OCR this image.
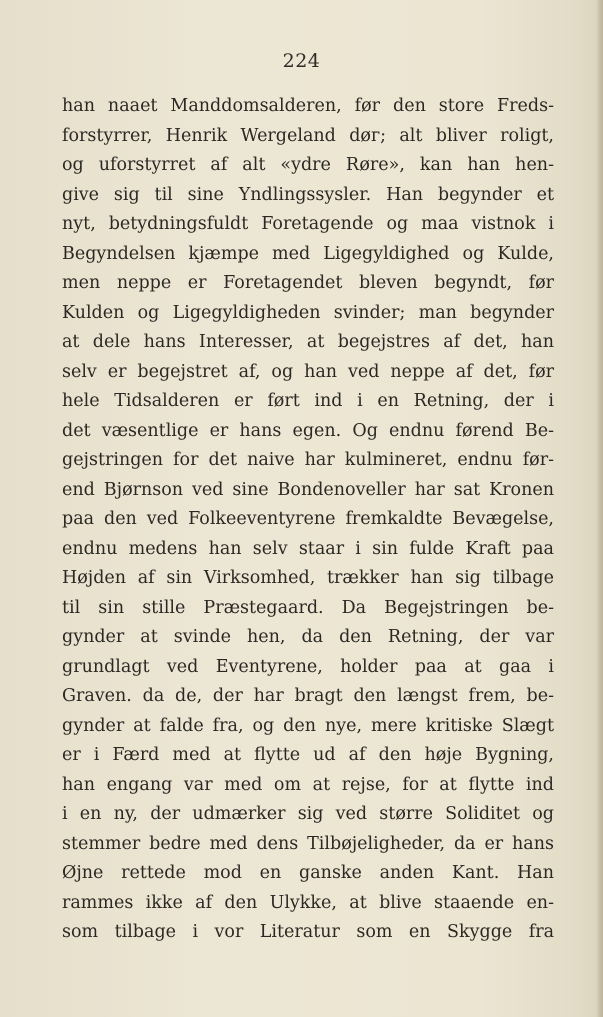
224
han naaet Manddomsalderen, før den store Freds-
forstyrrer, Henrik Wergeland døг; alt bliver roligt,
og uforstyrret af alt «ydre Røre», kan han hen-
give sig til sine Yndlingssysler. Han begynder et
nyt, betydningsfuldt Foretagende og maa vistnok i
Begyndelsen kjæmpe med Ligegyldighed og Kulde,
men neppe er Foretagendet bleven begyndt, før
Kulden og Ligegyldigheden svinder; man begynder
at dele hans Interesser, at begejstres af det, han
selv er begejstret af, og han ved neppe af det, før
hele Tidsalderen er ført ind i en Retning, der i
det væsentlige er hans egen. Og endnu førend Be-
gejstringen for det naive har kulmineret, endnu før-
end Bjørnson ved sine Bondenoveller har sat Kronen
paa den ved Folkeeventyrene fremkaldte Bevægelse,
endnu medens han selv staar i sin fulde Kraft paa
Højden af sin Virksomhed, trækker han sig tilbage
til sin stille Præstegaard. Da Begejstringen be-
gynder at svinde hen, da den Retning, der var
grundlagt ved Eventyrene, holder paa at gaa i
Graven. da de, der har bragt den længst frem, be-
gynder at falde fra, og den nye, mere kritiske Slægt
er i Færd med at flytte ud af den høje Bygning,
han engang var med om at rejse, for at flytte ind
i en ny, der udmærker sig ved større Soliditet og
stemmer bedre med dens Tilbøjeligheder, da er hans
Øjne rettede mod en ganske anden Kant. Han
rammes ikke af den Ulykke, at blive staaende en-
som tilbage i vor Literatur som en Skygge fra
